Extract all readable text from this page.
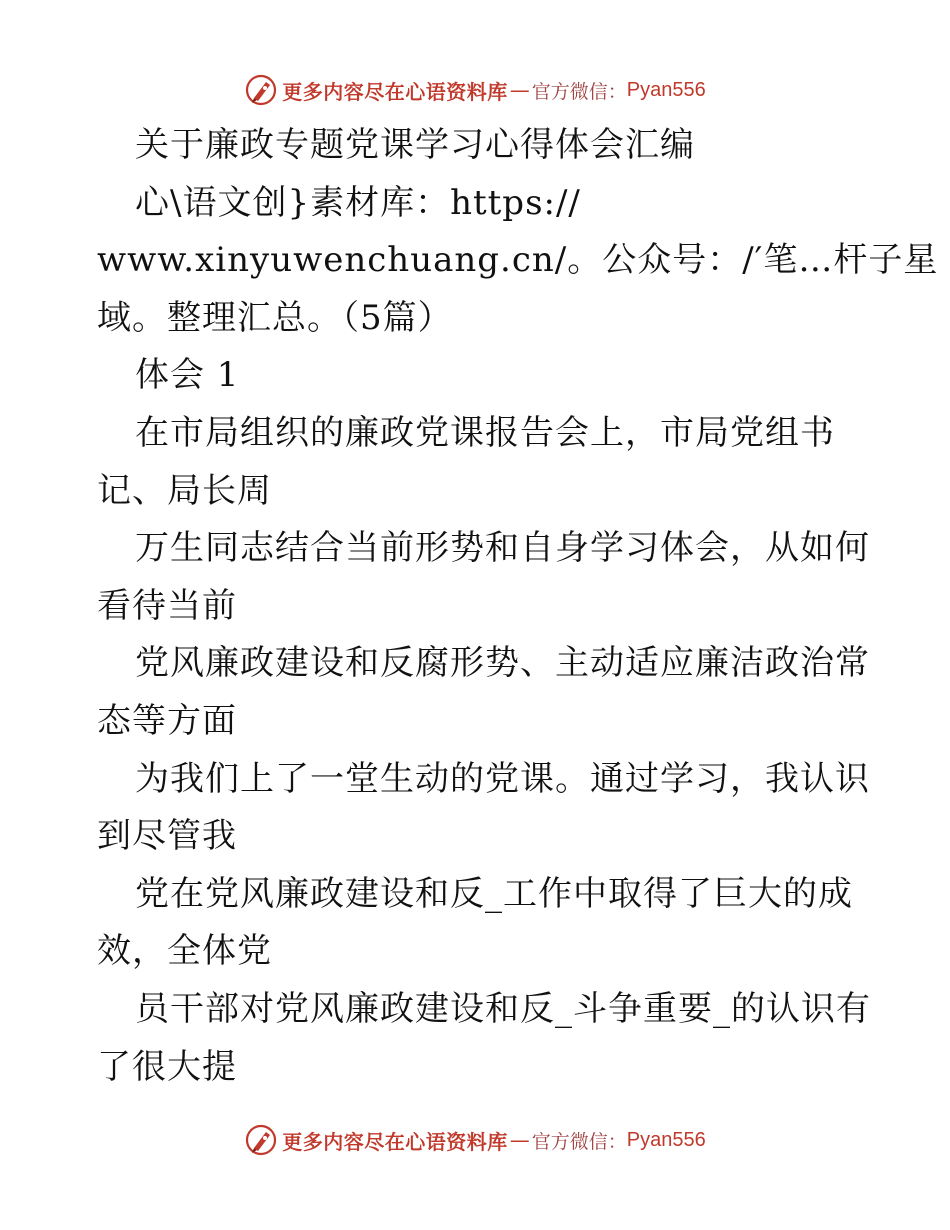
更多内容尽在心语资料库 — 官方微信： Pyan556
关于廉政专题党课学习心得体会汇编
心\语文创}素材库：https://
www.xinyuwenchuang.cn/。公众号：/′笔…杆子星
域。整理汇总。（5篇）
体会 1
在市局组织的廉政党课报告会上，市局党组书
记、局长周
万生同志结合当前形势和自身学习体会，从如何
看待当前
党风廉政建设和反腐形势、主动适应廉洁政治常
态等方面
为我们上了一堂生动的党课。通过学习，我认识
到尽管我
党在党风廉政建设和反_工作中取得了巨大的成
效，全体党
员干部对党风廉政建设和反_斗争重要_的认识有
了很大提
更多内容尽在心语资料库 — 官方微信： Pyan556
